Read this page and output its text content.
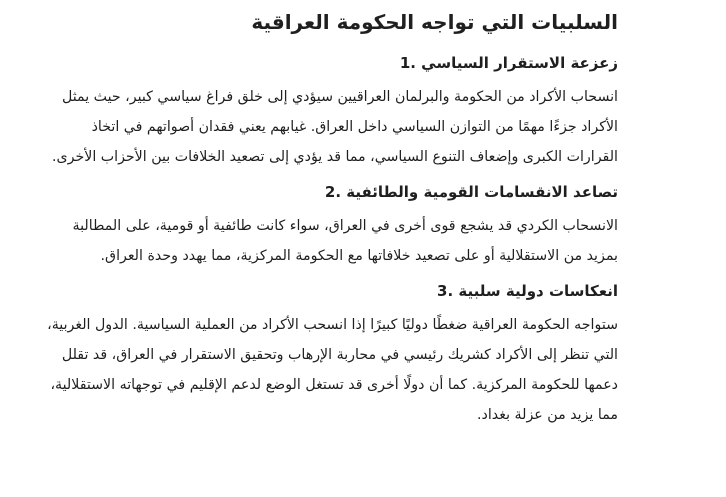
السلبيات التي تواجه الحكومة العراقية
زعزعة الاستقرار السياسي .1

انسحاب الأكراد من الحكومة والبرلمان العراقيين سيؤدي إلى خلق فراغ سياسي كبير، حيث يمثل الأكراد جزءًا مهمًا من التوازن السياسي داخل العراق. غيابهم يعني فقدان أصواتهم في اتخاذ القرارات الكبرى وإضعاف التنوع السياسي، مما قد يؤدي إلى تصعيد الخلافات بين الأحزاب الأخرى.

تصاعد الانقسامات القومية والطائفية .2

الانسحاب الكردي قد يشجع قوى أخرى في العراق، سواء كانت طائفية أو قومية، على المطالبة بمزيد من الاستقلالية أو على تصعيد خلافاتها مع الحكومة المركزية، مما يهدد وحدة العراق.

انعكاسات دولية سلبية .3

ستواجه الحكومة العراقية ضغطًا دوليًا كبيرًا إذا انسحب الأكراد من العملية السياسية. الدول الغربية، التي تنظر إلى الأكراد كشريك رئيسي في محاربة الإرهاب وتحقيق الاستقرار في العراق، قد تقلل دعمها للحكومة المركزية. كما أن دولًا أخرى قد تستغل الوضع لدعم الإقليم في توجهاته الاستقلالية، مما يزيد من عزلة بغداد.
